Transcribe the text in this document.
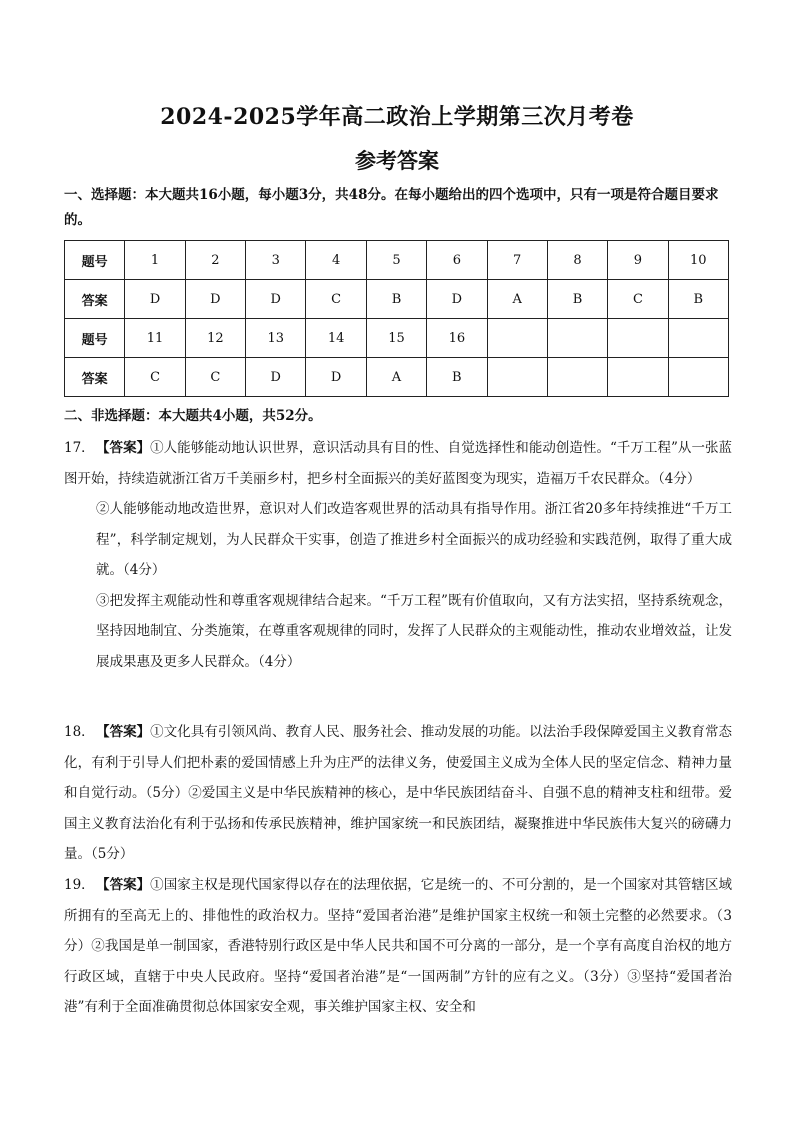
2024-2025学年高二政治上学期第三次月考卷
参考答案
一、选择题：本大题共16小题，每小题3分，共48分。在每小题给出的四个选项中，只有一项是符合题目要求的。
题号	1	2	3	4	5	6	7	8	9	10
答案	D	D	D	C	B	D	A	B	C	B
题号	11	12	13	14	15	16				
答案	C	C	D	D	A	B				
二、非选择题：本大题共4小题，共52分。
17．【答案】①人能够能动地认识世界，意识活动具有目的性、自觉选择性和能动创造性。“千万工程”从一张蓝图开始，持续造就浙江省万千美丽乡村，把乡村全面振兴的美好蓝图变为现实，造福万千农民群众。（4分）

②人能够能动地改造世界，意识对人们改造客观世界的活动具有指导作用。浙江省20多年持续推进“千万工程”，科学制定规划，为人民群众干实事，创造了推进乡村全面振兴的成功经验和实践范例，取得了重大成就。（4分）

③把发挥主观能动性和尊重客观规律结合起来。“千万工程”既有价值取向，又有方法实招，坚持系统观念，坚持因地制宜、分类施策，在尊重客观规律的同时，发挥了人民群众的主观能动性，推动农业增效益，让发展成果惠及更多人民群众。（4分）

18．【答案】①文化具有引领风尚、教育人民、服务社会、推动发展的功能。以法治手段保障爱国主义教育常态化，有利于引导人们把朴素的爱国情感上升为庄严的法律义务，使爱国主义成为全体人民的坚定信念、精神力量和自觉行动。（5分）②爱国主义是中华民族精神的核心，是中华民族团结奋斗、自强不息的精神支柱和纽带。爱国主义教育法治化有利于弘扬和传承民族精神，维护国家统一和民族团结，凝聚推进中华民族伟大复兴的磅礴力量。（5分）
19．【答案】①国家主权是现代国家得以存在的法理依据，它是统一的、不可分割的，是一个国家对其管辖区域所拥有的至高无上的、排他性的政治权力。坚持“爱国者治港”是维护国家主权统一和领土完整的必然要求。（3分）②我国是单一制国家，香港特别行政区是中华人民共和国不可分离的一部分，是一个享有高度自治权的地方行政区域，直辖于中央人民政府。坚持“爱国者治港”是“一国两制”方针的应有之义。（3分）③坚持“爱国者治港”有利于全面准确贯彻总体国家安全观，事关维护国家主权、安全和
